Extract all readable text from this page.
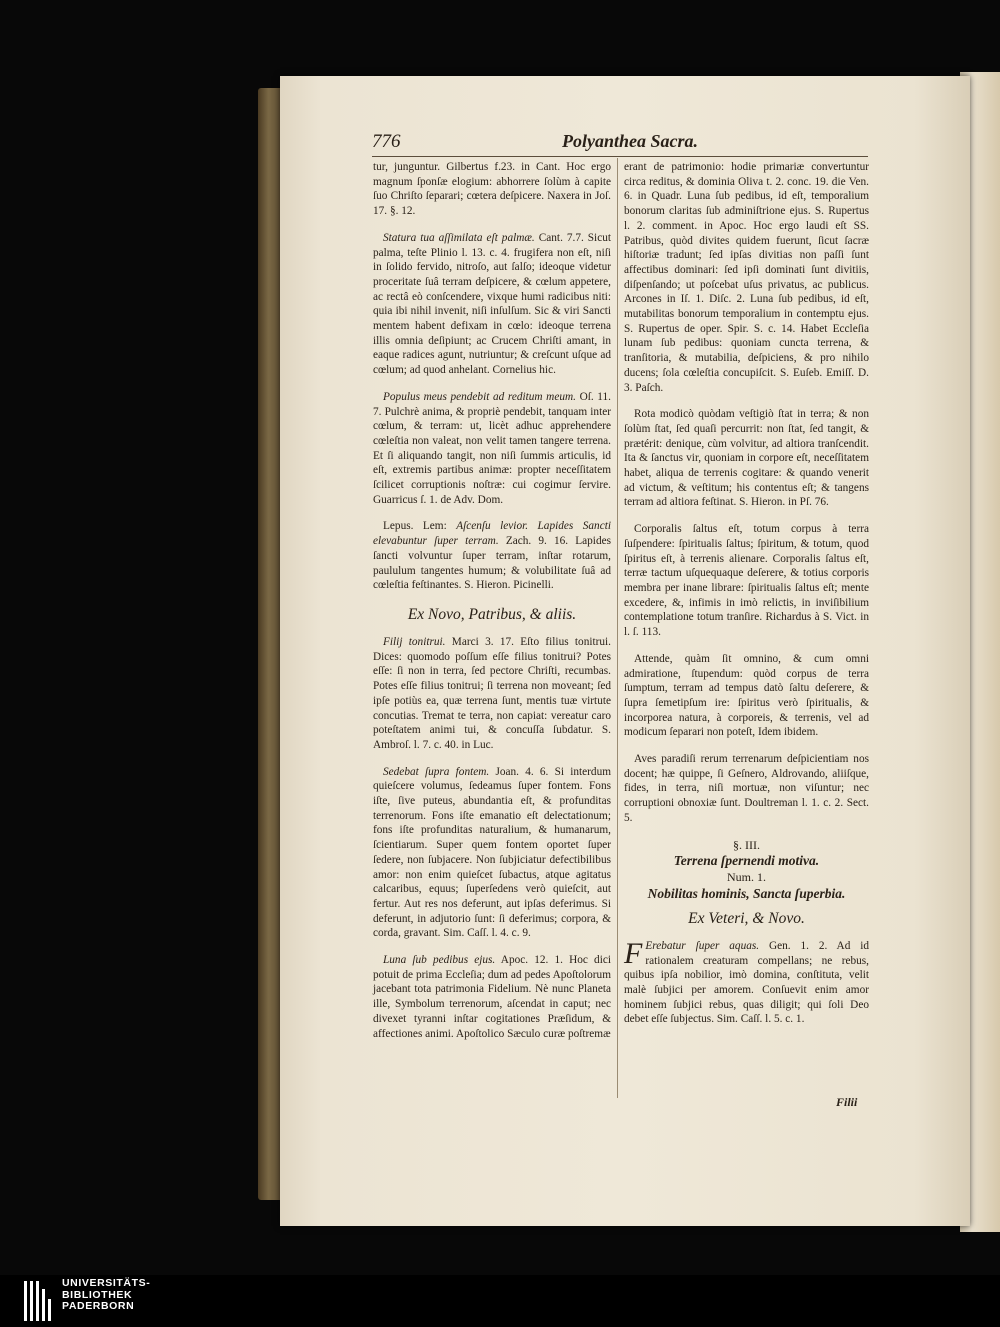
776	Polyanthea Sacra.

tur, junguntur. Gilbertus f.23. in Cant. Hoc ergo magnum ſponſæ elogium: abhorrere ſolùm à capite ſuo Chriſto ſeparari; cœtera deſpicere. Naxera in Joſ. 17. §. 12.

Statura tua aſſimilata eſt palmæ. Cant. 7.7. Sicut palma, teſte Plinio l. 13. c. 4. frugifera non eſt, niſi in ſolido fervido, nitroſo, aut ſalſo; ideoque videtur proceritate ſuâ terram deſpicere, & cœlum appetere, ac rectâ eò conſcendere, vixque humi radicibus niti: quia ibi nihil invenit, niſi inſulſum. Sic & viri Sancti mentem habent defixam in cœlo: ideoque terrena illis omnia deſipiunt; ac Crucem Chriſti amant, in eaque radices agunt, nutriuntur; & creſcunt uſque ad cœlum; ad quod anhelant. Cornelius hic.

Populus meus pendebit ad reditum meum. Oſ. 11. 7. Pulchrè anima, & propriè pendebit, tanquam inter cœlum, & terram: ut, licèt adhuc apprehendere cœleſtia non valeat, non velit tamen tangere terrena. Et ſi aliquando tangit, non niſi ſummis articulis, id eſt, extremis partibus animæ: propter neceſſitatem ſcilicet corruptionis noſtræ: cui cogimur ſervire. Guarricus ſ. 1. de Adv. Dom.

Lepus. Lem: Aſcenſu levior. Lapides Sancti elevabuntur ſuper terram. Zach. 9. 16. Lapides ſancti volvuntur ſuper terram, inſtar rotarum, paululum tangentes humum; & volubilitate ſuâ ad cœleſtia feſtinantes. S. Hieron. Picinelli.

Ex Novo, Patribus, & aliis.

Filij tonitrui. Marci 3. 17. Eſto filius tonitrui. Dices: quomodo poſſum eſſe filius tonitrui? Potes eſſe: ſi non in terra, ſed pectore Chriſti, recumbas. Potes eſſe filius tonitrui; ſi terrena non moveant; ſed ipſe potiùs ea, quæ terrena ſunt, mentis tuæ virtute concutias. Tremat te terra, non capiat: vereatur caro poteſtatem animi tui, & concuſſa ſubdatur. S. Ambroſ. l. 7. c. 40. in Luc.

Sedebat ſupra fontem. Joan. 4. 6. Si interdum quieſcere volumus, ſedeamus ſuper fontem. Fons iſte, ſive puteus, abundantia eſt, & profunditas terrenorum. Fons iſte emanatio eſt delectationum; fons iſte profunditas naturalium, & humanarum, ſcientiarum. Super quem fontem oportet ſuper ſedere, non ſubjacere. Non ſubjiciatur defectibilibus amor: non enim quieſcet ſubactus, atque agitatus calcaribus, equus; ſuperſedens verò quieſcit, aut fertur. Aut res nos deferunt, aut ipſas deferimus. Si deferunt, in adjutorio ſunt: ſi deferimus; corpora, & corda, gravant. Sim. Caſſ. l. 4. c. 9.

Luna ſub pedibus ejus. Apoc. 12. 1. Hoc dici potuit de prima Eccleſia; dum ad pedes Apoſtolorum jacebant tota patrimonia Fidelium. Nè nunc Planeta ille, Symbolum terrenorum, aſcendat in caput; nec divexet tyranni inſtar cogitationes Præſidum, & affectiones animi. Apoſtolico Sæculo curæ poſtremæ

erant de patrimonio: hodie primariæ convertuntur circa reditus, & dominia Oliva t. 2. conc. 19. die Ven. 6. in Quadr. Luna ſub pedibus, id eſt, temporalium bonorum claritas ſub adminiſtrione ejus. S. Rupertus l. 2. comment. in Apoc. Hoc ergo laudi eſt SS. Patribus, quòd divites quidem fuerunt, ſicut ſacræ hiſtoriæ tradunt; ſed ipſas divitias non paſſi ſunt affectibus dominari: ſed ipſi dominati ſunt divitiis, diſpenſando; ut poſcebat uſus privatus, ac publicus. Arcones in Iſ. 1. Diſc. 2. Luna ſub pedibus, id eſt, mutabilitas bonorum temporalium in contemptu ejus. S. Rupertus de oper. Spir. S. c. 14. Habet Eccleſia lunam ſub pedibus: quoniam cuncta terrena, & tranſitoria, & mutabilia, deſpiciens, & pro nihilo ducens; ſola cœleſtia concupiſcit. S. Euſeb. Emiſſ. D. 3. Paſch.

Rota modicò quòdam veſtigiò ſtat in terra; & non ſolùm ſtat, ſed quaſi percurrit: non ſtat, ſed tangit, & prætérit: denique, cùm volvitur, ad altiora tranſcendit. Ita & ſanctus vir, quoniam in corpore eſt, neceſſitatem habet, aliqua de terrenis cogitare: & quando venerit ad victum, & veſtitum; his contentus eſt; & tangens terram ad altiora feſtinat. S. Hieron. in Pſ. 76.

Corporalis ſaltus eſt, totum corpus à terra ſuſpendere: ſpiritualis ſaltus; ſpiritum, & totum, quod ſpiritus eſt, à terrenis alienare. Corporalis ſaltus eſt, terræ tactum uſquequaque deſerere, & totius corporis membra per inane librare: ſpiritualis ſaltus eſt; mente excedere, &, infimis in imò relictis, in inviſibilium contemplatione totum tranſire. Richardus à S. Vict. in l. ſ. 113.

Attende, quàm ſit omnino, & cum omni admiratione, ſtupendum: quòd corpus de terra ſumptum, terram ad tempus datò ſaltu deſerere, & ſupra ſemetipſum ire: ſpiritus verò ſpiritualis, & incorporea natura, à corporeis, & terrenis, vel ad modicum ſeparari non poteſt, Idem ibidem.

Aves paradiſi rerum terrenarum deſpicientiam nos docent; hæ quippe, ſi Geſnero, Aldrovando, aliiſque, fides, in terra, niſi mortuæ, non viſuntur; nec corruptioni obnoxiæ ſunt. Doultreman l. 1. c. 2. Sect. 5.

§. III.
Terrena ſpernendi motiva.
Num. 1.
Nobilitas hominis, Sancta ſuperbia.
Ex Veteri, & Novo.

F Erebatur ſuper aquas. Gen. 1. 2. Ad id rationalem creaturam compellans; ne rebus, quibus ipſa nobilior, imò domina, conſtituta, velit malè ſubjici per amorem. Conſuevit enim amor hominem ſubjici rebus, quas diligit; qui ſoli Deo debet eſſe ſubjectus. Sim. Caſſ. l. 5. c. 1.

Filii
UNIVERSITÄTS-
BIBLIOTHEK
PADERBORN
